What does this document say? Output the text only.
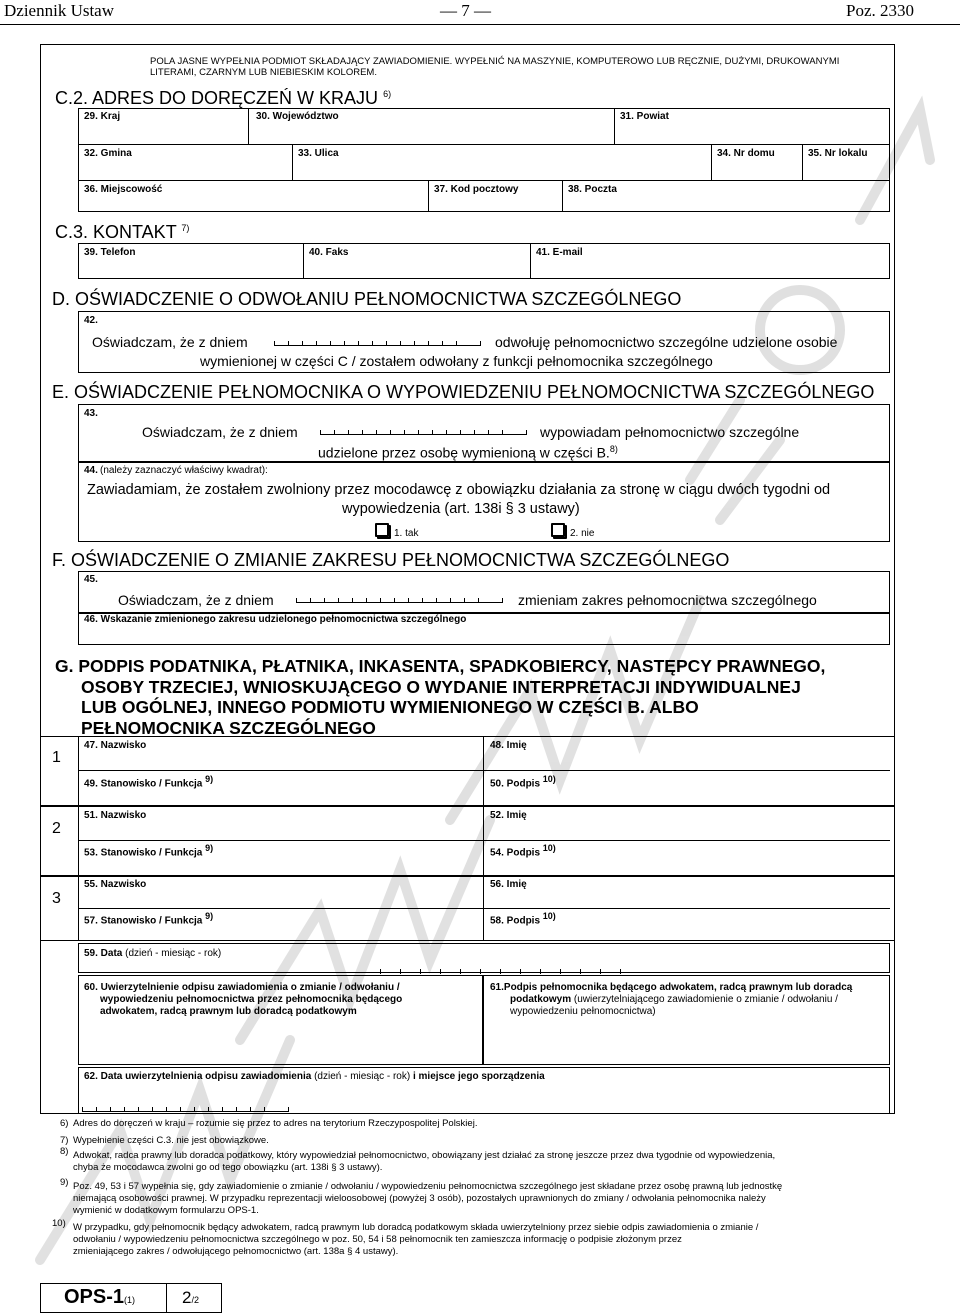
Dziennik Ustaw	— 7 —	Poz. 2330
POLA JASNE WYPEŁNIA PODMIOT SKŁADAJĄCY ZAWIADOMIENIE. WYPEŁNIĆ NA MASZYNIE, KOMPUTEROWO LUB RĘCZNIE, DUŻYMI, DRUKOWANYMI LITERAMI, CZARNYM LUB NIEBIESKIM KOLOREM.
C.2. ADRES DO DORĘCZEŃ W KRAJU $^{6)}$
29. Kraj	30. Województwo	31. Powiat
32. Gmina	33. Ulica	34. Nr domu	35. Nr lokalu
36. Miejscowość	37. Kod pocztowy	38. Poczta
C.3. KONTAKT $^{7)}$
39. Telefon	40. Faks	41. E-mail
D. OŚWIADCZENIE O ODWOŁANIU PEŁNOMOCNICTWA SZCZEGÓLNEGO
42.
Oświadczam, że z dniem	odwołuję pełnomocnictwo szczególne udzielone osobie
wymienionej w części C / zostałem odwołany z funkcji pełnomocnika szczególnego
E. OŚWIADCZENIE PEŁNOMOCNIKA O WYPOWIEDZENIU PEŁNOMOCNICTWA SZCZEGÓLNEGO
43.
Oświadczam, że z dniem	wypowiadam pełnomocnictwo szczególne
udzielone przez osobę wymienioną w części B.$^{8)}$
44. (należy zaznaczyć właściwy kwadrat):
Zawiadamiam, że zostałem zwolniony przez mocodawcę z obowiązku działania za stronę w ciągu dwóch tygodni od
wypowiedzenia (art. 138i § 3 ustawy)
1. tak	2. nie
F. OŚWIADCZENIE O ZMIANIE ZAKRESU PEŁNOMOCNICTWA SZCZEGÓLNEGO
45.
Oświadczam, że z dniem	zmieniam zakres pełnomocnictwa szczególnego
46. Wskazanie zmienionego zakresu udzielonego pełnomocnictwa szczególnego
G. PODPIS PODATNIKA, PŁATNIKA, INKASENTA, SPADKOBIERCY, NASTĘPCY PRAWNEGO,
OSOBY TRZECIEJ, WNIOSKUJĄCEGO O WYDANIE INTERPRETACJI INDYWIDUALNEJ
LUB OGÓLNEJ, INNEGO PODMIOTU WYMIENIONEGO W CZĘŚCI B. ALBO
PEŁNOMOCNIKA SZCZEGÓLNEGO
1
47. Nazwisko	48. Imię
49. Stanowisko / Funkcja 9)	50. Podpis 10)
2
51. Nazwisko	52. Imię
53. Stanowisko / Funkcja 9)	54. Podpis 10)
3
55. Nazwisko	56. Imię
57. Stanowisko / Funkcja 9)	58. Podpis 10)
59. Data (dzień - miesiąc - rok)
60. Uwierzytelnienie odpisu zawiadomienia o zmianie / odwołaniu /
wypowiedzeniu pełnomocnictwa przez pełnomocnika będącego
adwokatem, radcą prawnym lub doradcą podatkowym
61.Podpis pełnomocnika będącego adwokatem, radcą prawnym lub doradcą
podatkowym (uwierzytelniającego zawiadomienie o zmianie / odwołaniu /
wypowiedzeniu pełnomocnictwa)
62. Data uwierzytelnienia odpisu zawiadomienia (dzień - miesiąc - rok) i miejsce jego sporządzenia
6) Adres do doręczeń w kraju – rozumie się przez to adres na terytorium Rzeczypospolitej Polskiej.
7) Wypełnienie części C.3. nie jest obowiązkowe.
8) Adwokat, radca prawny lub doradca podatkowy, który wypowiedział pełnomocnictwo, obowiązany jest działać za stronę jeszcze przez dwa tygodnie od wypowiedzenia,
chyba że mocodawca zwolni go od tego obowiązku (art. 138i § 3 ustawy).
9) Poz. 49, 53 i 57 wypełnia się, gdy zawiadomienie o zmianie / odwołaniu / wypowiedzeniu pełnomocnictwa szczególnego jest składane przez osobę prawną lub jednostkę
niemającą osobowości prawnej. W przypadku reprezentacji wieloosobowej (powyżej 3 osób), pozostałych uprawnionych do zmiany / odwołania pełnomocnika należy
wymienić w dodatkowym formularzu OPS-1.
10) W przypadku, gdy pełnomocnik będący adwokatem, radcą prawnym lub doradcą podatkowym składa uwierzytelniony przez siebie odpis zawiadomienia o zmianie /
odwołaniu / wypowiedzeniu pełnomocnictwa szczególnego w poz. 50, 54 i 58 pełnomocnik ten zamieszcza informację o podpisie złożonym przez
zmieniającego zakres / odwołującego pełnomocnictwo (art. 138a § 4 ustawy).
OPS-1(1)	2/2
